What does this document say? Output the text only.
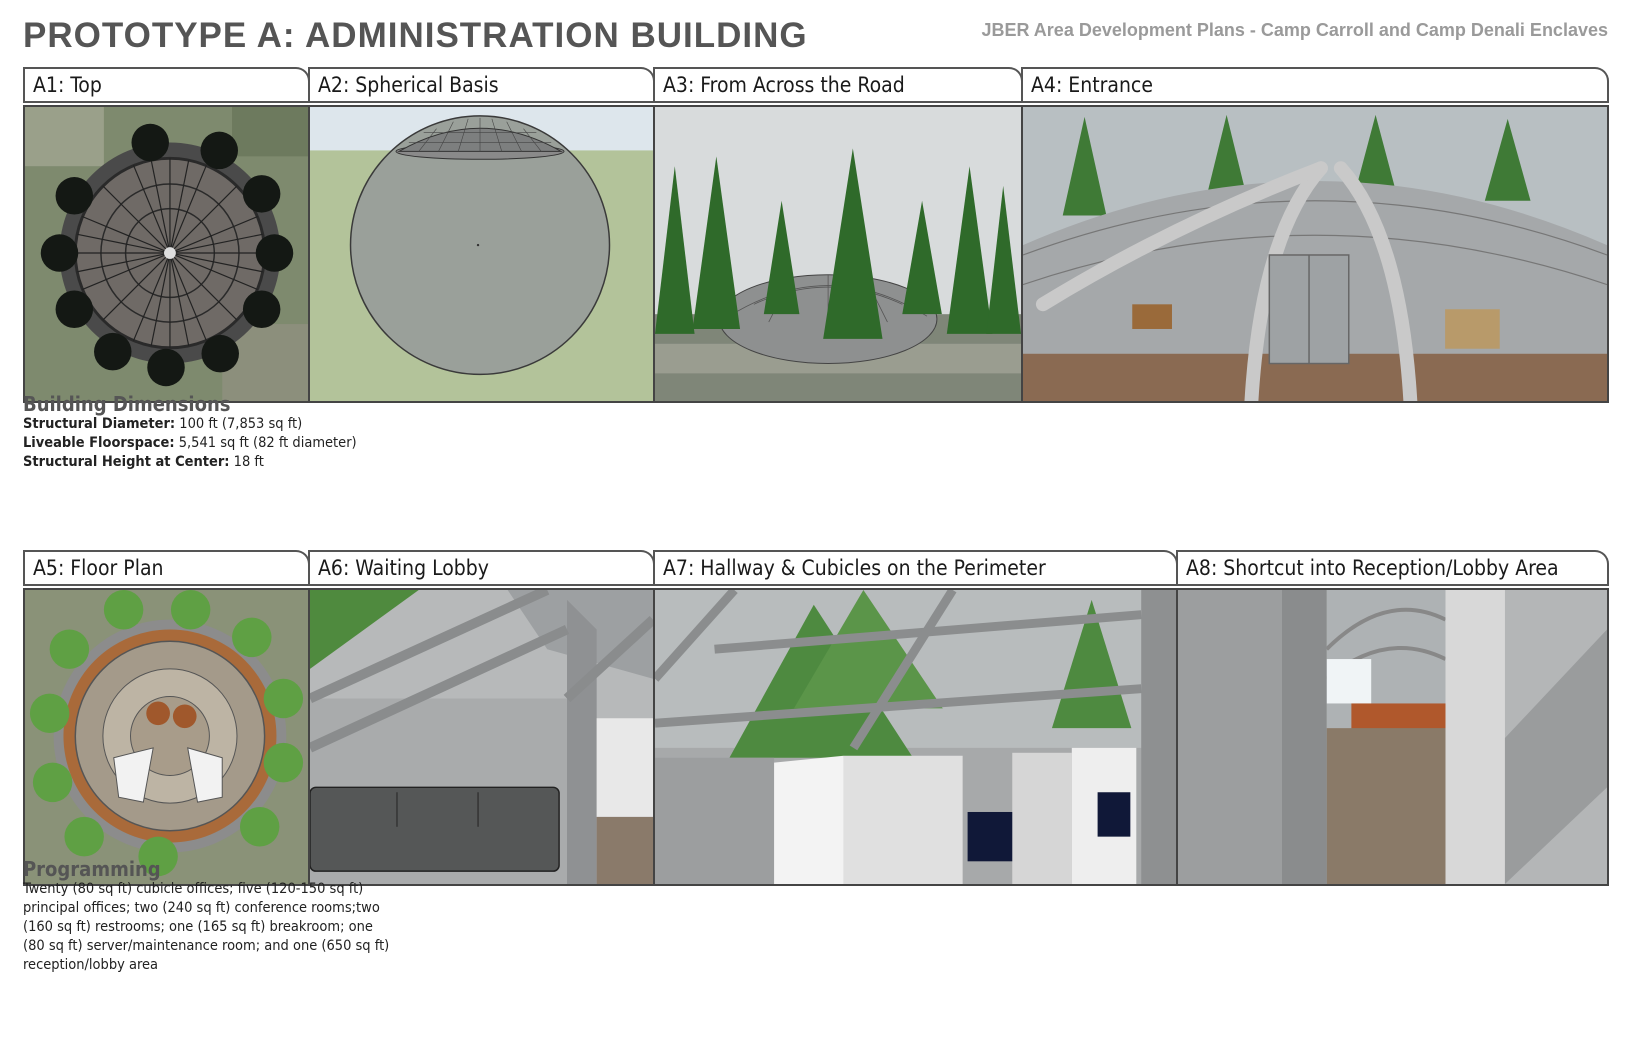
PROTOTYPE A: ADMINISTRATION BUILDING	JBER Area Development Plans - Camp Carroll and Camp Denali Enclaves
A1: Top	A2: Spherical Basis	A3: From Across the Road	A4: Entrance
Building Dimensions
Structural Diameter: 100 ft (7,853 sq ft)
Liveable Floorspace: 5,541 sq ft (82 ft diameter)
Structural Height at Center: 18 ft
A5: Floor Plan	A6: Waiting Lobby	A7: Hallway & Cubicles on the Perimeter	A8: Shortcut into Reception/Lobby Area
Programming
Twenty (80 sq ft) cubicle offices; five (120-150 sq ft) principal offices; two (240 sq ft) conference rooms;two (160 sq ft) restrooms; one (165 sq ft) breakroom; one (80 sq ft) server/maintenance room; and one (650 sq ft) reception/lobby area
